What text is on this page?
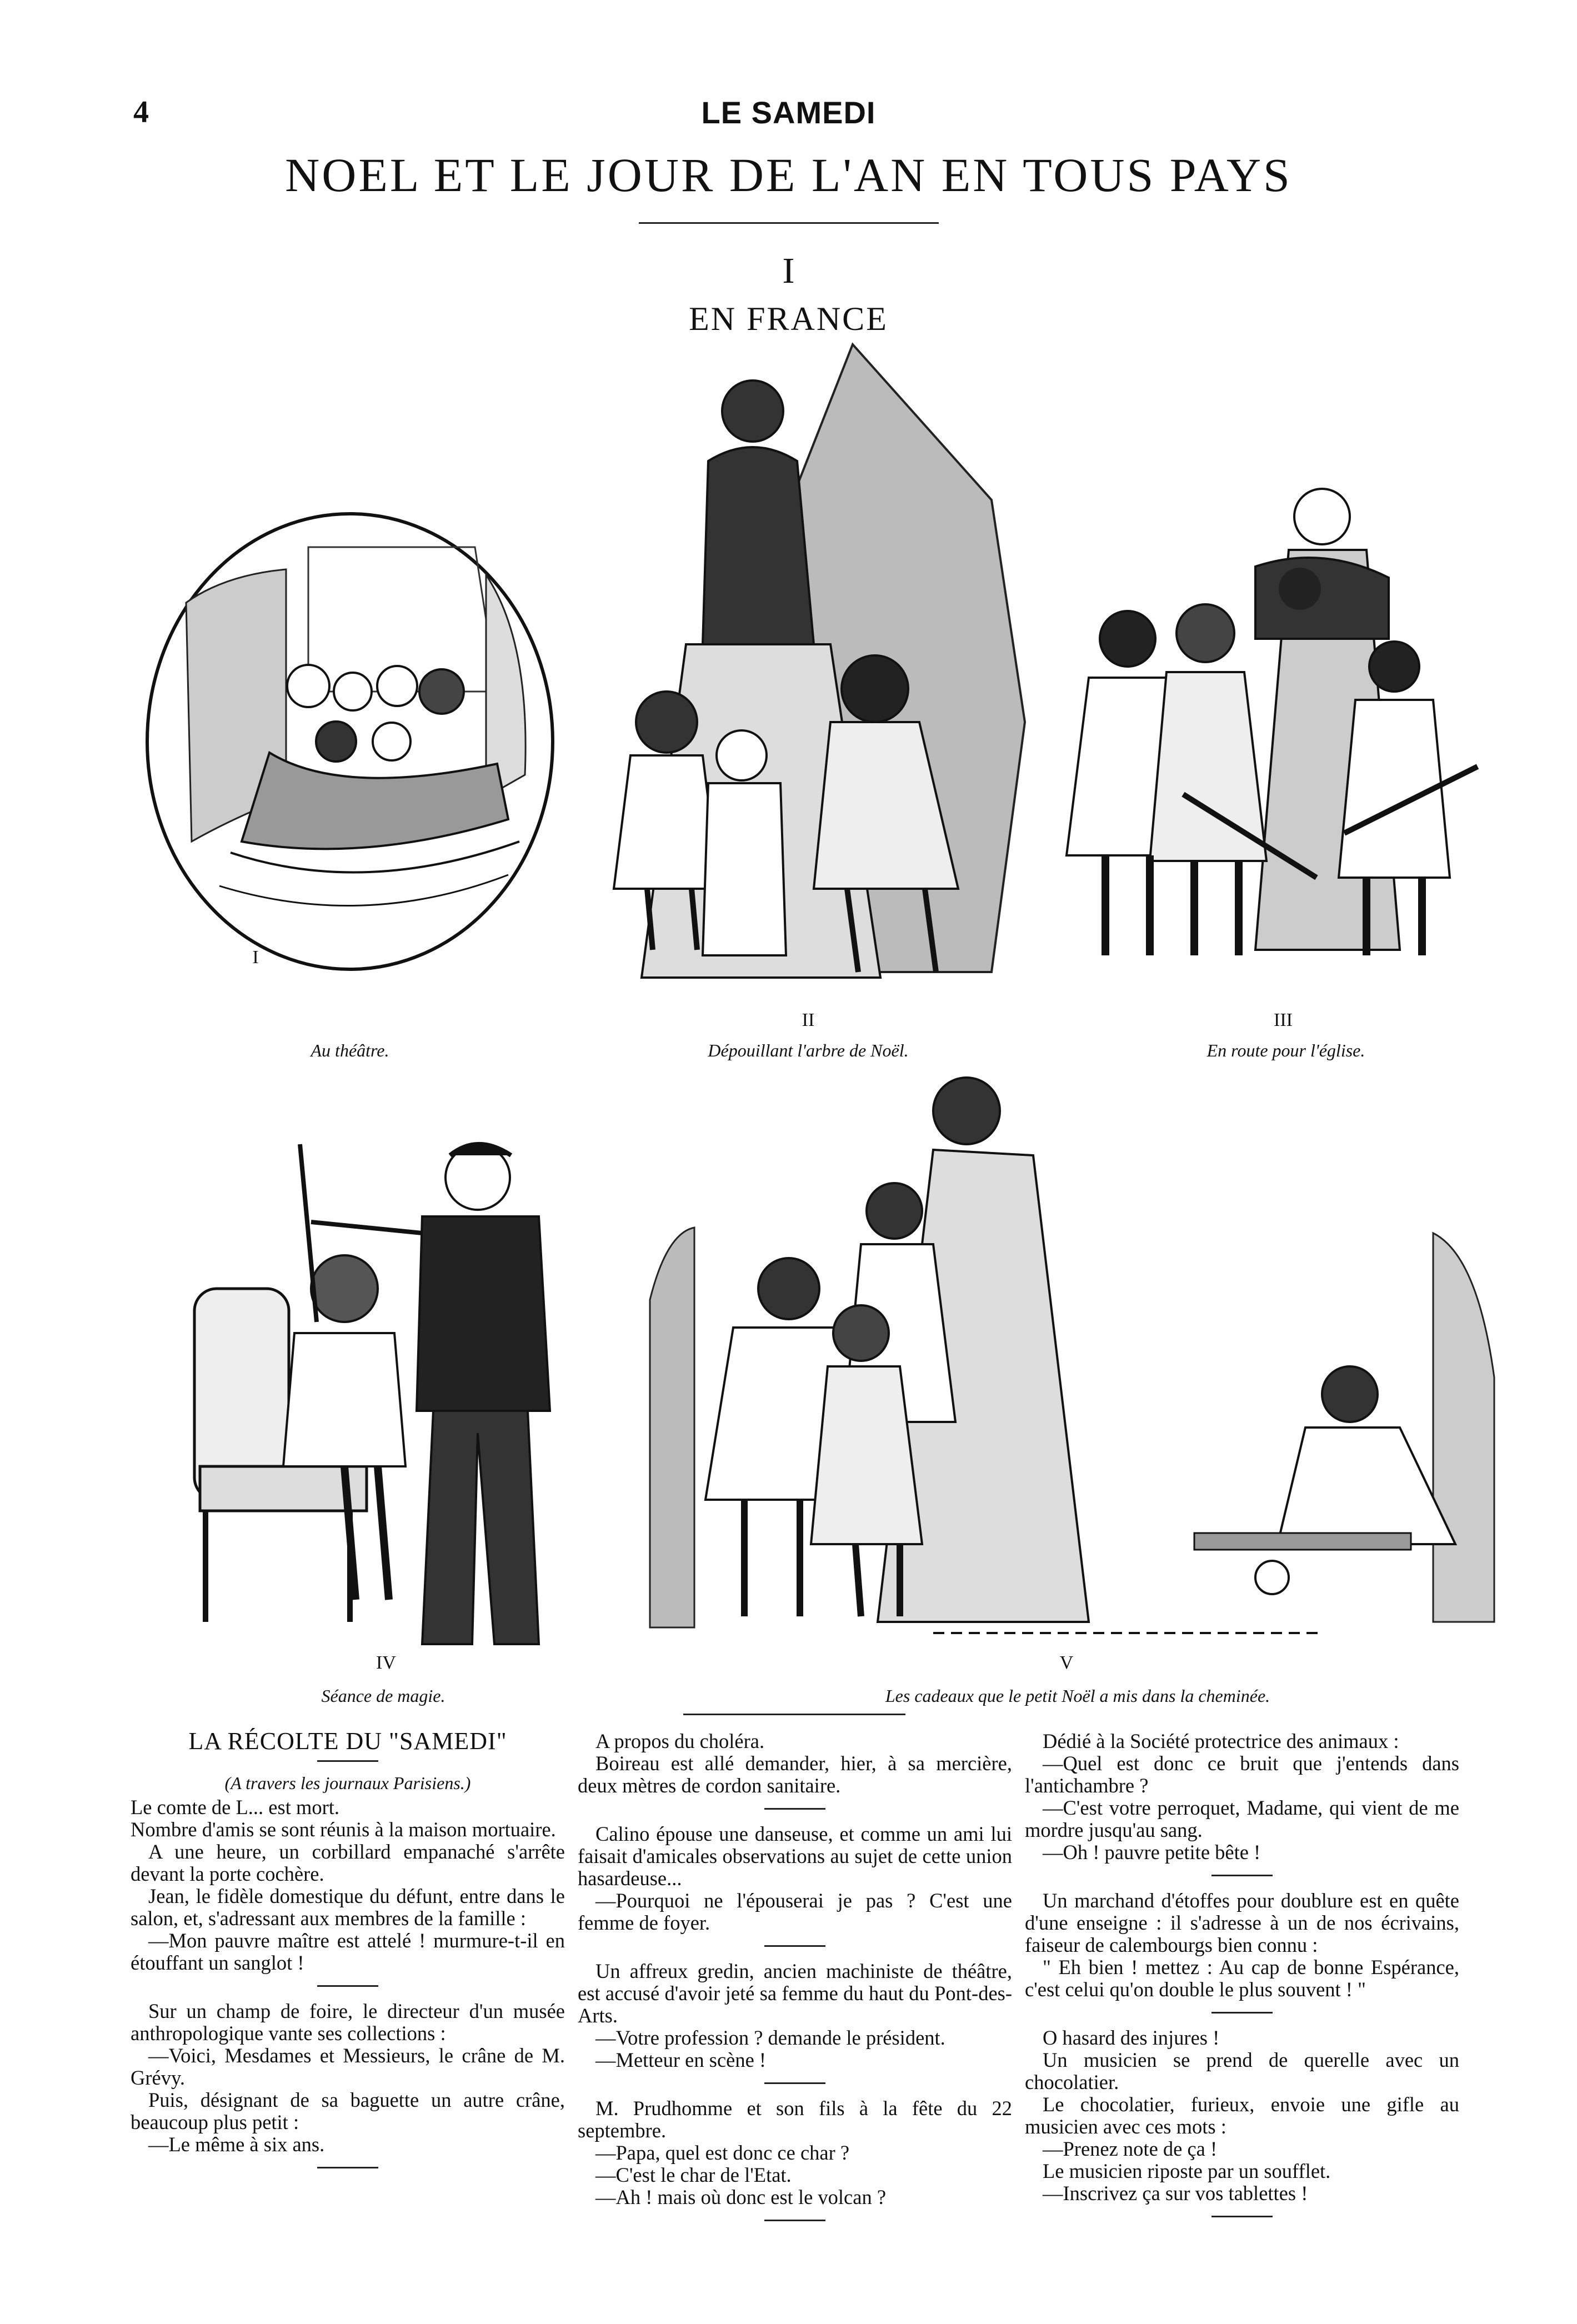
4	LE SAMEDI
NOEL ET LE JOUR DE L'AN EN TOUS PAYS
I
EN FRANCE
I
Au théâtre.
II
Dépouillant l'arbre de Noël.
III
En route pour l'église.
IV
Séance de magie.
V
Les cadeaux que le petit Noël a mis dans la cheminée.

LA RÉCOLTE DU "SAMEDI"

(A travers les journaux Parisiens.)

Le comte de L... est mort.

Nombre d'amis se sont réunis à la maison mortuaire.

A une heure, un corbillard empanaché s'arrête devant la porte cochère.

Jean, le fidèle domestique du défunt, entre dans le salon, et, s'adressant aux membres de la famille :

—Mon pauvre maître est attelé ! murmure-t-il en étouffant un sanglot !

Sur un champ de foire, le directeur d'un musée anthropologique vante ses collections :

—Voici, Mesdames et Messieurs, le crâne de M. Grévy.

Puis, désignant de sa baguette un autre crâne, beaucoup plus petit :

—Le même à six ans.

A propos du choléra.

Boireau est allé demander, hier, à sa mercière, deux mètres de cordon sanitaire.

Calino épouse une danseuse, et comme un ami lui faisait d'amicales observations au sujet de cette union hasardeuse...

—Pourquoi ne l'épouserai je pas ? C'est une femme de foyer.

Un affreux gredin, ancien machiniste de théâtre, est accusé d'avoir jeté sa femme du haut du Pont-des-Arts.

—Votre profession ? demande le président.

—Metteur en scène !

M. Prudhomme et son fils à la fête du 22 septembre.

—Papa, quel est donc ce char ?

—C'est le char de l'Etat.

—Ah ! mais où donc est le volcan ?

Dédié à la Société protectrice des animaux :

—Quel est donc ce bruit que j'entends dans l'antichambre ?

—C'est votre perroquet, Madame, qui vient de me mordre jusqu'au sang.

—Oh ! pauvre petite bête !

Un marchand d'étoffes pour doublure est en quête d'une enseigne : il s'adresse à un de nos écrivains, faiseur de calembourgs bien connu :

" Eh bien ! mettez : Au cap de bonne Espérance, c'est celui qu'on double le plus souvent ! "

O hasard des injures !

Un musicien se prend de querelle avec un chocolatier.

Le chocolatier, furieux, envoie une gifle au musicien avec ces mots :

—Prenez note de ça !

Le musicien riposte par un soufflet.

—Inscrivez ça sur vos tablettes !
